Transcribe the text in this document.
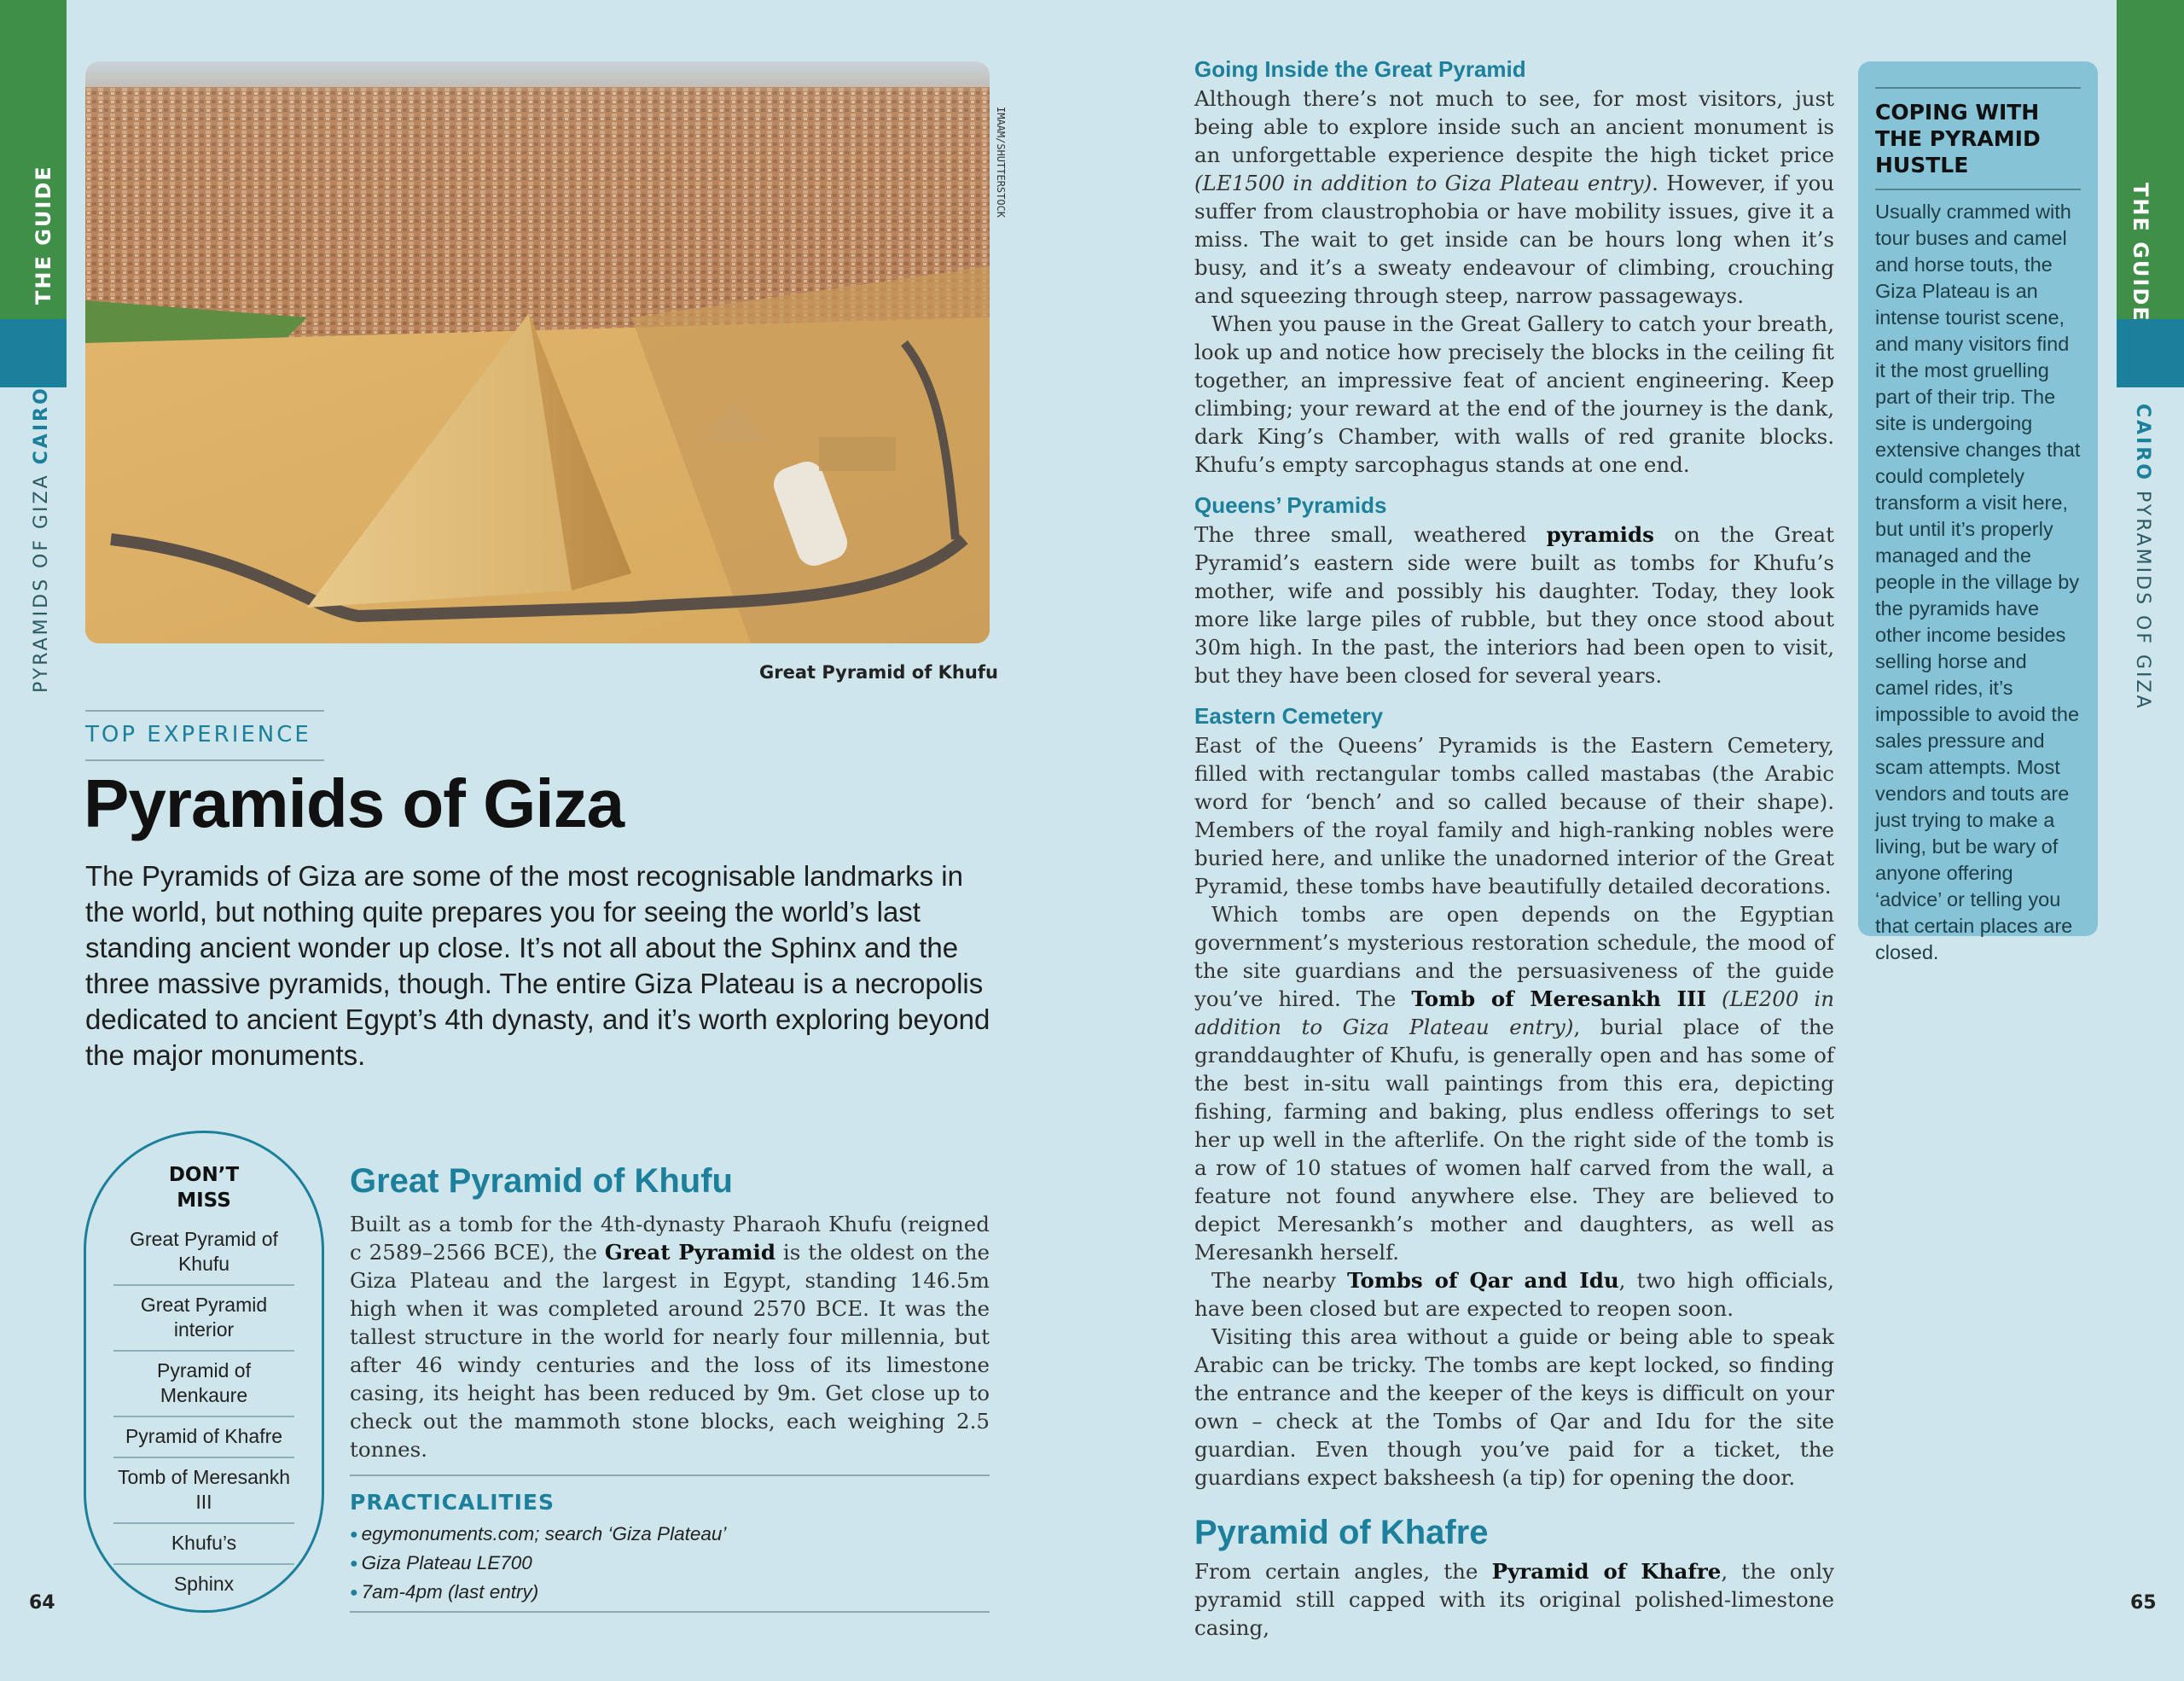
THE GUIDE
PYRAMIDS OF GIZA CAIRO
64
IMAAM/SHUTTERSTOCK
Great Pyramid of Khufu
TOP EXPERIENCE
Pyramids of Giza
The Pyramids of Giza are some of the most recognisable landmarks in the world, but nothing quite prepares you for seeing the world’s last standing ancient wonder up close. It’s not all about the Sphinx and the three massive pyramids, though. The entire Giza Plateau is a necropolis dedicated to ancient Egypt’s 4th dynasty, and it’s worth exploring beyond the major monuments.
DON’T
MISS
Great Pyramid of Khufu
Great Pyramid interior
Pyramid of Menkaure
Pyramid of Khafre
Tomb of Meresankh III
Khufu’s
Sphinx
Great Pyramid of Khufu

Built as a tomb for the 4th-dynasty Pharaoh Khufu (reigned c 2589–2566 BCE), the Great Pyramid is the oldest on the Giza Plateau and the largest in Egypt, standing 146.5m high when it was completed around 2570 BCE. It was the tallest structure in the world for nearly four millennia, but after 46 windy centuries and the loss of its limestone casing, its height has been reduced by 9m. Get close up to check out the mammoth stone blocks, each weighing 2.5 tonnes.

PRACTICALITIES
● egymonuments.com; search ‘Giza Plateau’
● Giza Plateau LE700
● 7am-4pm (last entry)
Going Inside the Great Pyramid

Although there’s not much to see, for most visitors, just being able to explore inside such an ancient monument is an unforgettable experience despite the high ticket price (LE1500 in addition to Giza Plateau entry). However, if you suffer from claustrophobia or have mobility issues, give it a miss. The wait to get inside can be hours long when it’s busy, and it’s a sweaty endeavour of climbing, crouching and squeezing through steep, narrow passageways.

When you pause in the Great Gallery to catch your breath, look up and notice how precisely the blocks in the ceiling fit together, an impressive feat of ancient engineering. Keep climbing; your reward at the end of the journey is the dank, dark King’s Chamber, with walls of red granite blocks. Khufu’s empty sarcophagus stands at one end.

Queens’ Pyramids

The three small, weathered pyramids on the Great Pyramid’s eastern side were built as tombs for Khufu’s mother, wife and possibly his daughter. Today, they look more like large piles of rubble, but they once stood about 30m high. In the past, the interiors had been open to visit, but they have been closed for several years.

Eastern Cemetery

East of the Queens’ Pyramids is the Eastern Cemetery, filled with rectangular tombs called mastabas (the Arabic word for ‘bench’ and so called because of their shape). Members of the royal family and high-ranking nobles were buried here, and unlike the unadorned interior of the Great Pyramid, these tombs have beautifully detailed decorations.

Which tombs are open depends on the Egyptian government’s mysterious restoration schedule, the mood of the site guardians and the persuasiveness of the guide you’ve hired. The Tomb of Meresankh III (LE200 in addition to Giza Plateau entry), burial place of the granddaughter of Khufu, is generally open and has some of the best in-situ wall paintings from this era, depicting fishing, farming and baking, plus endless offerings to set her up well in the afterlife. On the right side of the tomb is a row of 10 statues of women half carved from the wall, a feature not found anywhere else. They are believed to depict Meresankh’s mother and daughters, as well as Meresankh herself.

The nearby Tombs of Qar and Idu, two high officials, have been closed but are expected to reopen soon.

Visiting this area without a guide or being able to speak Arabic can be tricky. The tombs are kept locked, so finding the entrance and the keeper of the keys is difficult on your own – check at the Tombs of Qar and Idu for the site guardian. Even though you’ve paid for a ticket, the guardians expect baksheesh (a tip) for opening the door.

Pyramid of Khafre

From certain angles, the Pyramid of Khafre, the only pyramid still capped with its original polished-limestone casing,

COPING WITH THE PYRAMID HUSTLE
Usually crammed with tour buses and camel and horse touts, the Giza Plateau is an intense tourist scene, and many visitors find it the most gruelling part of their trip. The site is undergoing extensive changes that could completely transform a visit here, but until it’s properly managed and the people in the village by the pyramids have other income besides selling horse and camel rides, it’s impossible to avoid the sales pressure and scam attempts. Most vendors and touts are just trying to make a living, but be wary of anyone offering ‘advice’ or telling you that certain places are closed.
THE GUIDE
CAIRO PYRAMIDS OF GIZA
65
